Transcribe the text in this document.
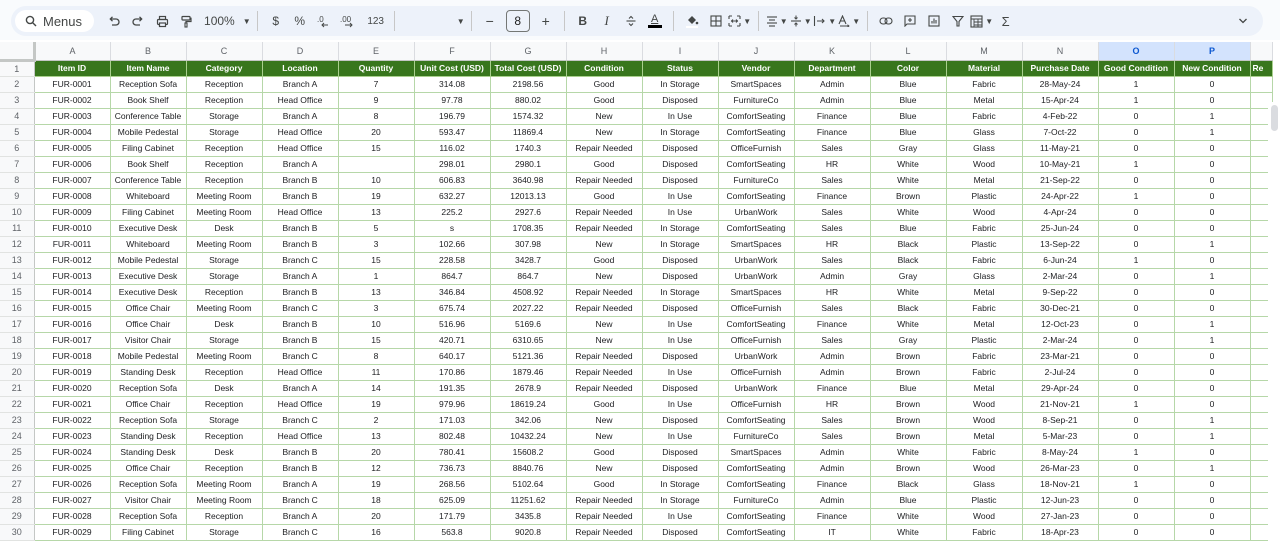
Menus	100% ▼	$	%	.0 .00	123	▼	−	8	+	B	I	A	▼	▼ ▼ ▼ ▼	▼ Σ
	A	B	C	D	E	F	G	H	I	J	K	L	M	N	O	P	
1	Item ID	Item Name	Category	Location	Quantity	Unit Cost (USD)	Total Cost (USD)	Condition	Status	Vendor	Department	Color	Material	Purchase Date	Good Condition	New Condition	Re
2	FUR-0001	Reception Sofa	Reception	Branch A	7	314.08	2198.56	Good	In Storage	SmartSpaces	Admin	Blue	Fabric	28-May-24	1	0	
3	FUR-0002	Book Shelf	Reception	Head Office	9	97.78	880.02	Good	Disposed	FurnitureCo	Admin	Blue	Metal	15-Apr-24	1	0	
4	FUR-0003	Conference Table	Storage	Branch A	8	196.79	1574.32	New	In Use	ComfortSeating	Finance	Blue	Fabric	4-Feb-22	0	1	
5	FUR-0004	Mobile Pedestal	Storage	Head Office	20	593.47	11869.4	New	In Storage	ComfortSeating	Finance	Blue	Glass	7-Oct-22	0	1	
6	FUR-0005	Filing Cabinet	Reception	Head Office	15	116.02	1740.3	Repair Needed	Disposed	OfficeFurnish	Sales	Gray	Glass	11-May-21	0	0	
7	FUR-0006	Book Shelf	Reception	Branch A		298.01	2980.1	Good	Disposed	ComfortSeating	HR	White	Wood	10-May-21	1	0	
8	FUR-0007	Conference Table	Reception	Branch B	10	606.83	3640.98	Repair Needed	Disposed	FurnitureCo	Sales	White	Metal	21-Sep-22	0	0	
9	FUR-0008	Whiteboard	Meeting Room	Branch B	19	632.27	12013.13	Good	In Use	ComfortSeating	Finance	Brown	Plastic	24-Apr-22	1	0	
10	FUR-0009	Filing Cabinet	Meeting Room	Head Office	13	225.2	2927.6	Repair Needed	In Use	UrbanWork	Sales	White	Wood	4-Apr-24	0	0	
11	FUR-0010	Executive Desk	Desk	Branch B	5	s	1708.35	Repair Needed	In Storage	ComfortSeating	Sales	Blue	Fabric	25-Jun-24	0	0	
12	FUR-0011	Whiteboard	Meeting Room	Branch B	3	102.66	307.98	New	In Storage	SmartSpaces	HR	Black	Plastic	13-Sep-22	0	1	
13	FUR-0012	Mobile Pedestal	Storage	Branch C	15	228.58	3428.7	Good	Disposed	UrbanWork	Sales	Black	Fabric	6-Jun-24	1	0	
14	FUR-0013	Executive Desk	Storage	Branch A	1	864.7	864.7	New	Disposed	UrbanWork	Admin	Gray	Glass	2-Mar-24	0	1	
15	FUR-0014	Executive Desk	Reception	Branch B	13	346.84	4508.92	Repair Needed	In Storage	SmartSpaces	HR	White	Metal	9-Sep-22	0	0	
16	FUR-0015	Office Chair	Meeting Room	Branch C	3	675.74	2027.22	Repair Needed	Disposed	OfficeFurnish	Sales	Black	Fabric	30-Dec-21	0	0	
17	FUR-0016	Office Chair	Desk	Branch B	10	516.96	5169.6	New	In Use	ComfortSeating	Finance	White	Metal	12-Oct-23	0	1	
18	FUR-0017	Visitor Chair	Storage	Branch B	15	420.71	6310.65	New	In Use	OfficeFurnish	Sales	Gray	Plastic	2-Mar-24	0	1	
19	FUR-0018	Mobile Pedestal	Meeting Room	Branch C	8	640.17	5121.36	Repair Needed	Disposed	UrbanWork	Admin	Brown	Fabric	23-Mar-21	0	0	
20	FUR-0019	Standing Desk	Reception	Head Office	11	170.86	1879.46	Repair Needed	In Use	OfficeFurnish	Admin	Brown	Fabric	2-Jul-24	0	0	
21	FUR-0020	Reception Sofa	Desk	Branch A	14	191.35	2678.9	Repair Needed	Disposed	UrbanWork	Finance	Blue	Metal	29-Apr-24	0	0	
22	FUR-0021	Office Chair	Reception	Head Office	19	979.96	18619.24	Good	In Use	OfficeFurnish	HR	Brown	Wood	21-Nov-21	1	0	
23	FUR-0022	Reception Sofa	Storage	Branch C	2	171.03	342.06	New	Disposed	ComfortSeating	Sales	Brown	Wood	8-Sep-21	0	1	
24	FUR-0023	Standing Desk	Reception	Head Office	13	802.48	10432.24	New	In Use	FurnitureCo	Sales	Brown	Metal	5-Mar-23	0	1	
25	FUR-0024	Standing Desk	Desk	Branch B	20	780.41	15608.2	Good	Disposed	SmartSpaces	Admin	White	Fabric	8-May-24	1	0	
26	FUR-0025	Office Chair	Reception	Branch B	12	736.73	8840.76	New	Disposed	ComfortSeating	Admin	Brown	Wood	26-Mar-23	0	1	
27	FUR-0026	Reception Sofa	Meeting Room	Branch A	19	268.56	5102.64	Good	In Storage	ComfortSeating	Finance	Black	Glass	18-Nov-21	1	0	
28	FUR-0027	Visitor Chair	Meeting Room	Branch C	18	625.09	11251.62	Repair Needed	In Storage	FurnitureCo	Admin	Blue	Plastic	12-Jun-23	0	0	
29	FUR-0028	Reception Sofa	Reception	Branch A	20	171.79	3435.8	Repair Needed	In Use	ComfortSeating	Finance	White	Wood	27-Jan-23	0	0	
30	FUR-0029	Filing Cabinet	Storage	Branch C	16	563.8	9020.8	Repair Needed	Disposed	ComfortSeating	IT	White	Fabric	18-Apr-23	0	0	
